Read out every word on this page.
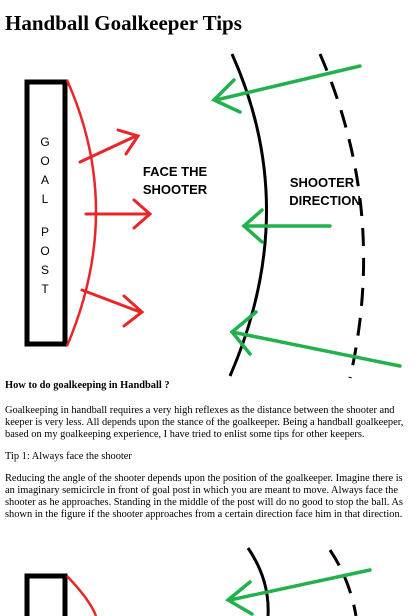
Handball Goalkeeper Tips
G
O
A
L
P
O
S
T
FACE THE
SHOOTER	SHOOTER
DIRECTION
How to do goalkeeping in Handball ?

Goalkeeping in handball requires a very high reflexes as the distance between the shooter and keeper is very less. All depends upon the stance of the goalkeeper. Being a handball goalkeeper, based on my goalkeeping experience, I have tried to enlist some tips for other keepers.

Tip 1: Always face the shooter

Reducing the angle of the shooter depends upon the position of the goalkeeper. Imagine there is an imaginary semicircle in front of goal post in which you are meant to move. Always face the shooter as he approaches. Standing in the middle of the post will do no good to stop the ball. As shown in the figure if the shooter approaches from a certain direction face him in that direction.
